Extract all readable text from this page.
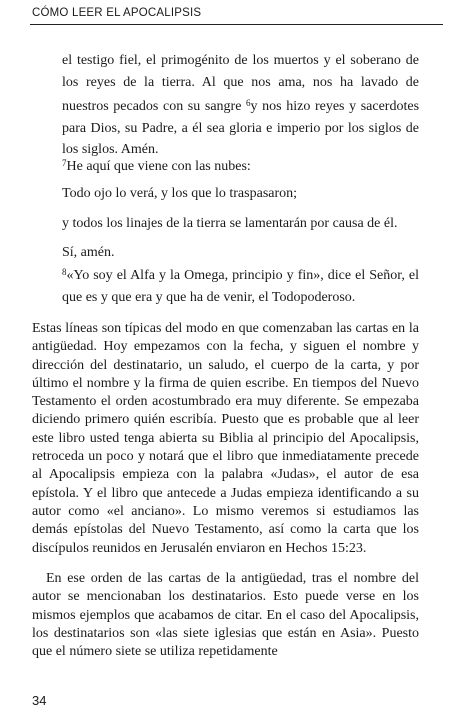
CÓMO LEER EL APOCALIPSIS

el testigo fiel, el primogénito de los muertos y el soberano de los reyes de la tierra. Al que nos ama, nos ha lavado de nuestros pecados con su sangre $^6$y nos hizo reyes y sacerdotes para Dios, su Padre, a él sea gloria e imperio por los siglos de los siglos. Amén.

$^7$He aquí que viene con las nubes:

Todo ojo lo verá, y los que lo traspasaron;

y todos los linajes de la tierra se lamentarán por causa de él.

Sí, amén.

$^8$«Yo soy el Alfa y la Omega, principio y fin», dice el Señor, el que es y que era y que ha de venir, el Todopoderoso.

Estas líneas son típicas del modo en que comenzaban las cartas en la antigüedad. Hoy empezamos con la fecha, y siguen el nombre y dirección del destinatario, un saludo, el cuerpo de la carta, y por último el nombre y la firma de quien escribe. En tiempos del Nuevo Testamento el orden acostumbrado era muy diferente. Se empezaba diciendo primero quién escribía. Puesto que es probable que al leer este libro usted tenga abierta su Biblia al principio del Apocalipsis, retroceda un poco y notará que el libro que inmediatamente precede al Apocalipsis empieza con la palabra «Judas», el autor de esa epístola. Y el libro que antecede a Judas empieza identificando a su autor como «el anciano». Lo mismo veremos si estudiamos las demás epístolas del Nuevo Testamento, así como la carta que los discípulos reunidos en Jerusalén enviaron en Hechos 15:23.

En ese orden de las cartas de la antigüedad, tras el nombre del autor se mencionaban los destinatarios. Esto puede verse en los mismos ejemplos que acabamos de citar. En el caso del Apocalipsis, los destinatarios son «las siete iglesias que están en Asia». Puesto que el número siete se utiliza repetidamente

34
